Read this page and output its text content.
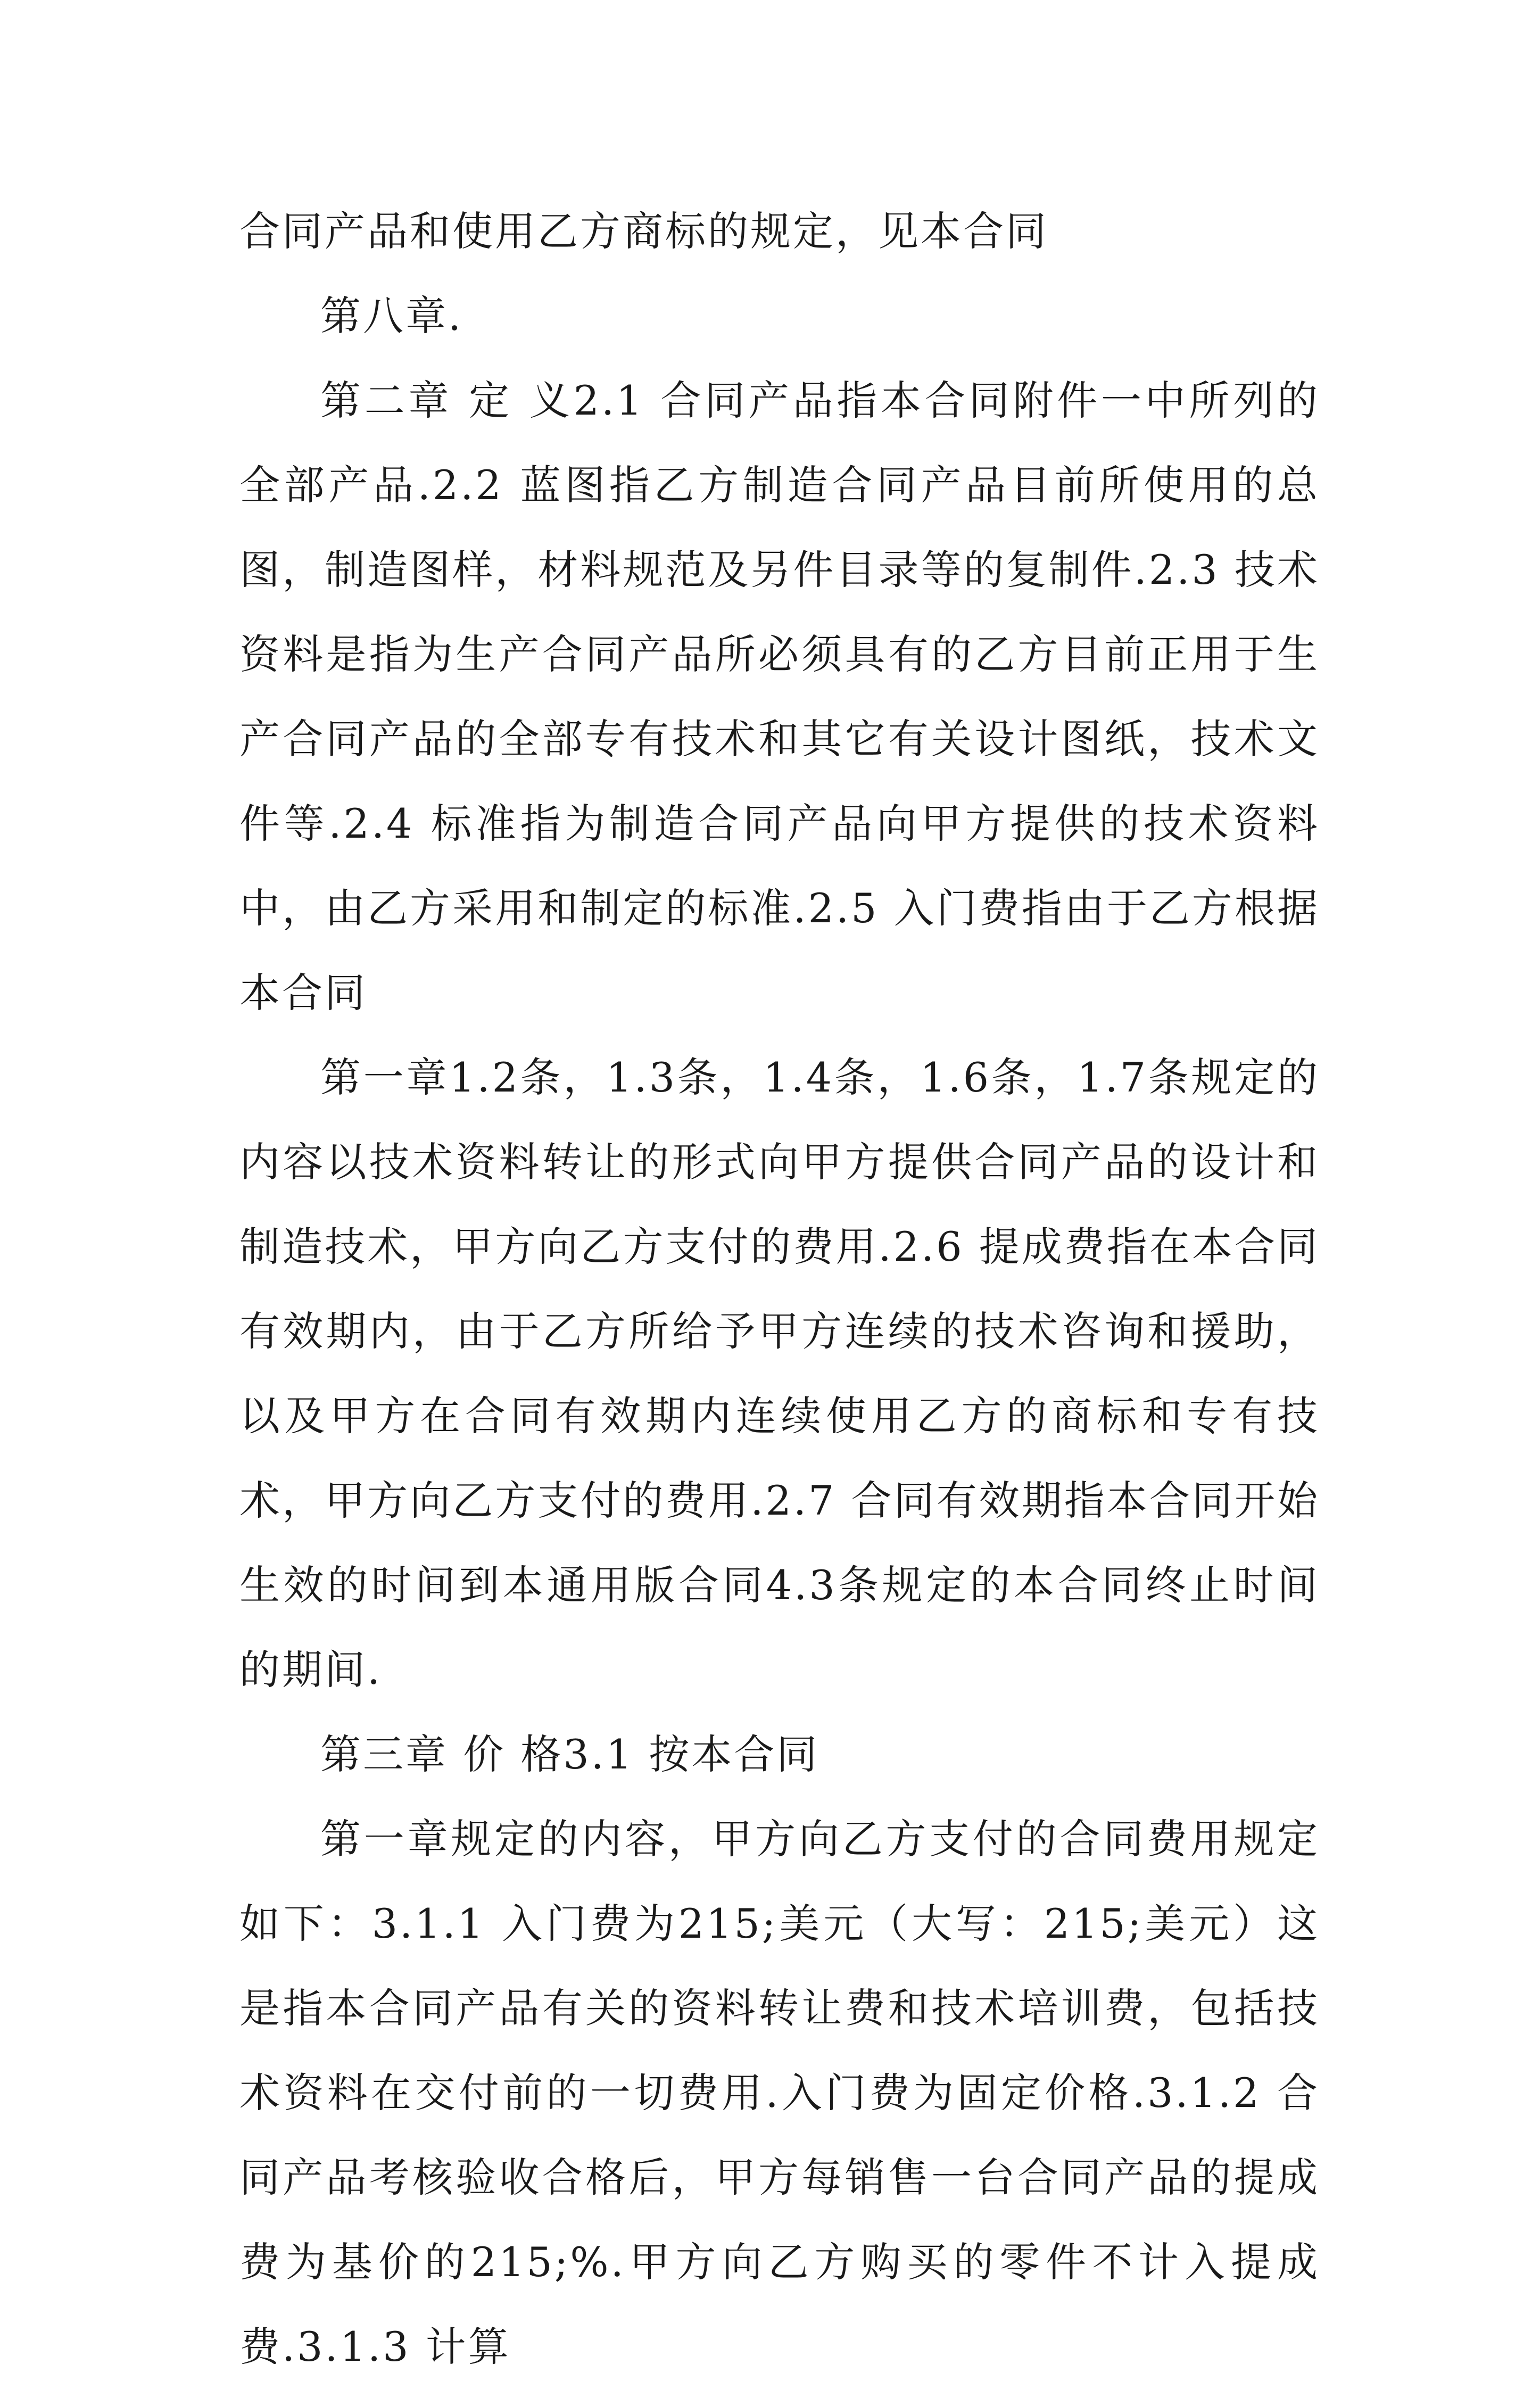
合同产品和使用乙方商标的规定，见本合同

第八章.

第二章 定 义2.1 合同产品指本合同附件一中所列的全部产品.2.2 蓝图指乙方制造合同产品目前所使用的总图，制造图样，材料规范及另件目录等的复制件.2.3 技术资料是指为生产合同产品所必须具有的乙方目前正用于生产合同产品的全部专有技术和其它有关设计图纸，技术文件等.2.4 标准指为制造合同产品向甲方提供的技术资料中，由乙方采用和制定的标准.2.5 入门费指由于乙方根据本合同

第一章1.2条，1.3条，1.4条，1.6条，1.7条规定的内容以技术资料转让的形式向甲方提供合同产品的设计和制造技术，甲方向乙方支付的费用.2.6 提成费指在本合同有效期内，由于乙方所给予甲方连续的技术咨询和援助，以及甲方在合同有效期内连续使用乙方的商标和专有技术，甲方向乙方支付的费用.2.7 合同有效期指本合同开始生效的时间到本通用版合同4.3条规定的本合同终止时间的期间.

第三章 价 格3.1 按本合同

第一章规定的内容，甲方向乙方支付的合同费用规定如下：3.1.1 入门费为215;美元（大写：215;美元）这是指本合同产品有关的资料转让费和技术培训费，包括技术资料在交付前的一切费用.入门费为固定价格.3.1.2 合同产品考核验收合格后，甲方每销售一台合同产品的提成费为基价的215;%.甲方向乙方购买的零件不计入提成费.3.1.3 计算
